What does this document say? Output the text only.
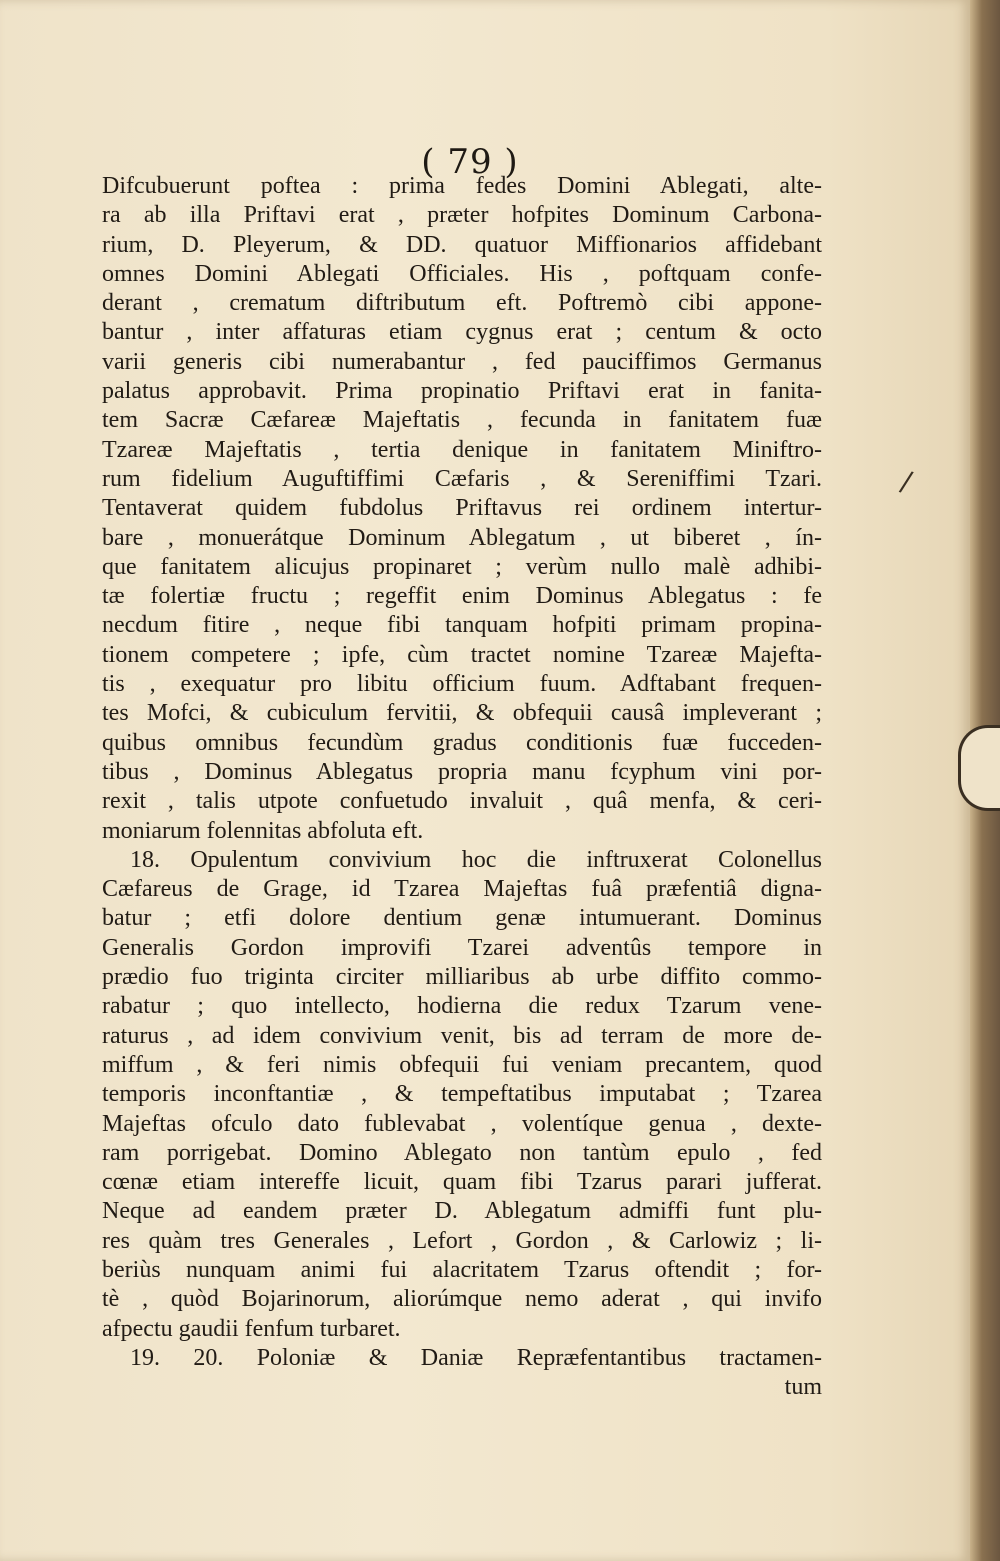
( 79 )
Difcubuerunt poftea : prima fedes Domini Ablegati, alte-
ra ab illa Priftavi erat , præter hofpites Dominum Carbona-
rium, D. Pleyerum, & DD. quatuor Miffionarios affidebant
omnes Domini Ablegati Officiales. His , poftquam confe-
derant , crematum diftributum eft. Poftremò cibi appone-
bantur , inter affaturas etiam cygnus erat ; centum & octo
varii generis cibi numerabantur , fed pauciffimos Germanus
palatus approbavit. Prima propinatio Priftavi erat in fanita-
tem Sacræ Cæfareæ Majeftatis , fecunda in fanitatem fuæ
Tzareæ Majeftatis , tertia denique in fanitatem Miniftro-
rum fidelium Auguftiffimi Cæfaris , & Sereniffimi Tzari.
Tentaverat quidem fubdolus Priftavus rei ordinem intertur-
bare , monuerátque Dominum Ablegatum , ut biberet , ín-
que fanitatem alicujus propinaret ; verùm nullo malè adhibi-
tæ folertiæ fructu ; regeffit enim Dominus Ablegatus : fe
necdum fitire , neque fibi tanquam hofpiti primam propina-
tionem competere ; ipfe, cùm tractet nomine Tzareæ Majefta-
tis , exequatur pro libitu officium fuum. Adftabant frequen-
tes Mofci, & cubiculum fervitii, & obfequii causâ impleverant ;
quibus omnibus fecundùm gradus conditionis fuæ fucceden-
tibus , Dominus Ablegatus propria manu fcyphum vini por-
rexit , talis utpote confuetudo invaluit , quâ menfa, & ceri-
moniarum folennitas abfoluta eft.
18. Opulentum convivium hoc die inftruxerat Colonellus
Cæfareus de Grage, id Tzarea Majeftas fuâ præfentiâ digna-
batur ; etfi dolore dentium genæ intumuerant. Dominus
Generalis Gordon improvifi Tzarei adventûs tempore in
prædio fuo triginta circiter milliaribus ab urbe diffito commo-
rabatur ; quo intellecto, hodierna die redux Tzarum vene-
raturus , ad idem convivium venit, bis ad terram de more de-
miffum , & feri nimis obfequii fui veniam precantem, quod
temporis inconftantiæ , & tempeftatibus imputabat ; Tzarea
Majeftas ofculo dato fublevabat , volentíque genua , dexte-
ram porrigebat. Domino Ablegato non tantùm epulo , fed
cœnæ etiam intereffe licuit, quam fibi Tzarus parari jufferat.
Neque ad eandem præter D. Ablegatum admiffi funt plu-
res quàm tres Generales , Lefort , Gordon , & Carlowiz ; li-
beriùs nunquam animi fui alacritatem Tzarus oftendit ; for-
tè , quòd Bojarinorum, aliorúmque nemo aderat , qui invifo
afpectu gaudii fenfum turbaret.
19. 20. Poloniæ & Daniæ Repræfentantibus tractamen-
tum
/
